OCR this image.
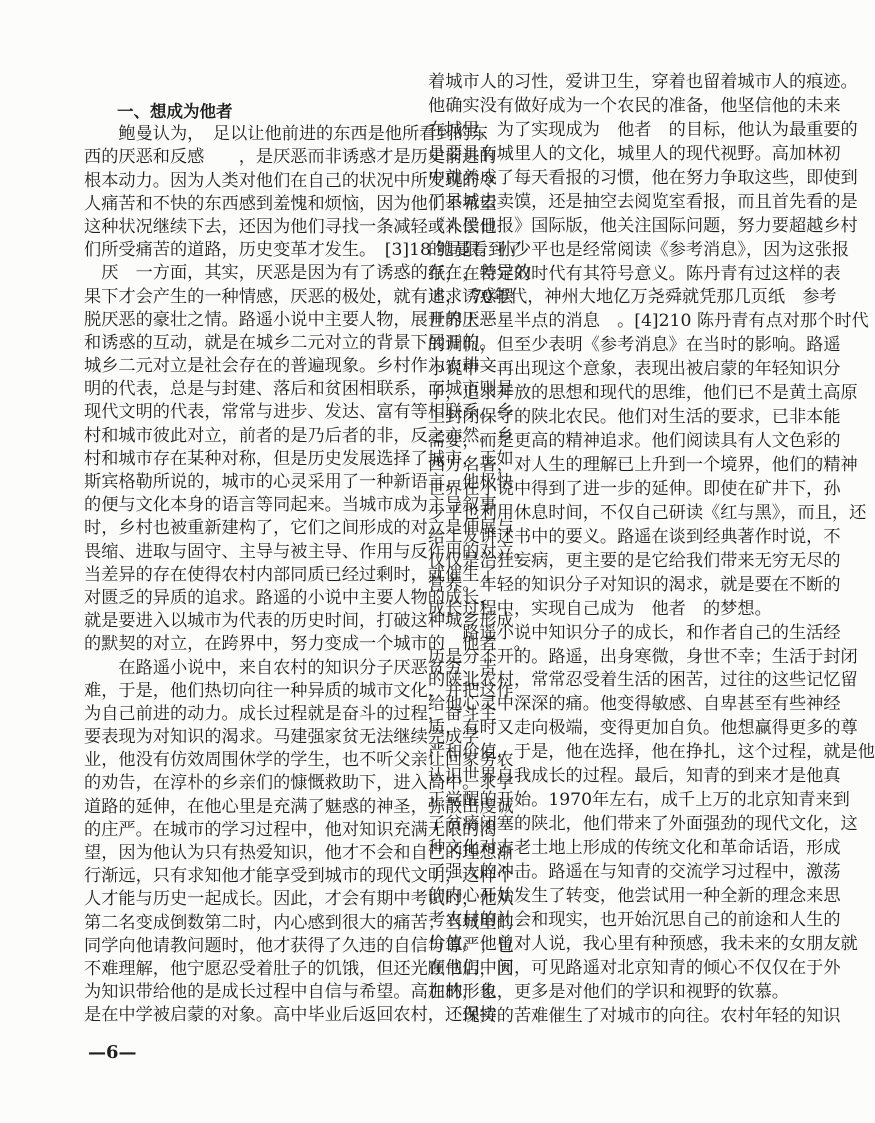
一、想成为他者
鲍曼认为，　足以让他前进的东西是他所看到的东
西的厌恶和反感　　，是厌恶而非诱惑才是历史前进的
根本动力。因为人类对他们在自己的状况中所发现的令
人痛苦和不快的东西感到羞愧和烦恼，因为他们不希望
这种状况继续下去，还因为他们寻找一条减轻或补偿他
们所受痛苦的道路，历史变革才发生。　[3]18 鲍曼看到了
　厌　一方面，其实，厌恶是因为有了诱惑的存在，差异效
果下才会产生的一种情感，厌恶的极处，就有追求诱惑摆
脱厌恶的豪壮之情。路遥小说中主要人物，展开的厌恶
和诱惑的互动，就是在城乡二元对立的背景下展开的。
城乡二元对立是社会存在的普遍现象。乡村作为农耕文
明的代表，总是与封建、落后和贫困相联系，而城市则是
现代文明的代表，常常与进步、发达、富有等相联系。乡
村和城市彼此对立，前者的是乃后者的非，反之亦然。乡
村和城市存在某种对称，但是历史发展选择了城市，正如
斯宾格勒所说的，城市的心灵采用了一种新语言，他极快
的便与文化本身的语言等同起来。当城市成为主导叙事
时，乡村也被重新建构了，它们之间形成的对立是伸展与
畏缩、进取与固守、主导与被主导、作用与反作用的对立。
当差异的存在使得农村内部同质已经过剩时，就催生了
对匮乏的异质的追求。路遥的小说中主要人物的成长，
就是要进入以城市为代表的历史时间，打破这种城乡形成
的默契的对立，在跨界中，努力变成一个城市的　他者　。
在路遥小说中，来自农村的知识分子厌恶贫穷、苦
难，于是，他们热切向往一种异质的城市文化，并把这作
为自己前进的动力。成长过程就是奋斗的过程，奋斗主
要表现为对知识的渴求。马建强家贫无法继续完成学
业，他没有仿效周围休学的学生，也不听父亲让回家务农
的劝告，在淳朴的乡亲们的慷慨救助下，进入高中。求学
道路的延伸，在他心里是充满了魅惑的神圣，弥散出虔诚
的庄严。在城市的学习过程中，他对知识充满无限的渴
望，因为他认为只有热爱知识，他才不会和自己的理想渐
行渐远，只有求知他才能享受到城市的现代文明，这样个
人才能与历史一起成长。因此，才会有期中考试时，他从
第二名变成倒数第二时，内心感到很大的痛苦；当城里的
同学向他请教问题时，他才获得了久违的自信与尊严；也
不难理解，他宁愿忍受着肚子的饥饿，但还光顾书店，因
为知识带给他的是成长过程中自信与希望。高加林，也
是在中学被启蒙的对象。高中毕业后返回农村，还保持
着城市人的习性，爱讲卫生，穿着也留着城市人的痕迹。
他确实没有做好成为一个农民的准备，他坚信他的未来
在城里，为了实现成为　他者　的目标，他认为最重要的
是要具有城里人的文化，城里人的现代视野。高加林初
中就养成了每天看报的习惯，他在努力争取这些，即使到
了县城去卖馍，还是抽空去阅览室看报，而且首先看的是
《人民日报》国际版，他关注国际问题，努力要超越乡村
的局限。孙少平也是经常阅读《参考消息》，因为这张报
纸，在特定的时代有其符号意义。陈丹青有过这样的表
述，　70年代，神州大地亿万尧舜就凭那几页纸　参考
世界上一星半点的消息　。[4]210 陈丹青有点对那个时代
的调侃，但至少表明《参考消息》在当时的影响。路遥
小说中一再出现这个意象，表现出被启蒙的年轻知识分
子，追求开放的思想和现代的思维，他们已不是黄土高原
上封闭保守的陕北农民。他们对生活的要求，已非本能
需要，而是更高的精神追求。他们阅读具有人文色彩的
西方名著，对人生的理解已上升到一个境界，他们的精神
世界在小说中得到了进一步的延伸。即使在矿井下，孙
少平也利用休息时间，不仅自己研读《红与黑》，而且，还
给工友讲述书中的要义。路遥在谈到经典著作时说，不
仅仅是治狂妄病，更主要的是它给我们带来无穷无尽的
营养。年轻的知识分子对知识的渴求，就是要在不断的
成长过程中，实现自己成为　他者　的梦想。
路遥小说中知识分子的成长，和作者自己的生活经
历是分不开的。路遥，出身寒微，身世不幸；生活于封闭
的陕北农村，常常忍受着生活的困苦，过往的这些记忆留
给他心灵中深深的痛。他变得敏感、自卑甚至有些神经
质，有时又走向极端，变得更加自负。他想赢得更多的尊
严和价值，于是，他在选择，他在挣扎，这个过程，就是他
认识世界自我成长的过程。最后，知青的到来才是他真
正觉醒的开始。1970年左右，成千上万的北京知青来到
了贫瘠闭塞的陕北，他们带来了外面强劲的现代文化，这
种文化对古老土地上形成的传统文化和革命话语，形成
了强大的冲击。路遥在与知青的交流学习过程中，激荡
的内心开始发生了转变，他尝试用一种全新的理念来思
考农村的社会和现实，也开始沉思自己的前途和人生的
价值。他曾对人说，我心里有种预感，我未来的女朋友就
在他们中间，可见路遥对北京知青的倾心不仅仅在于外
在的形象，更多是对他们的学识和视野的钦慕。
现实的苦难催生了对城市的向往。农村年轻的知识
—6—
